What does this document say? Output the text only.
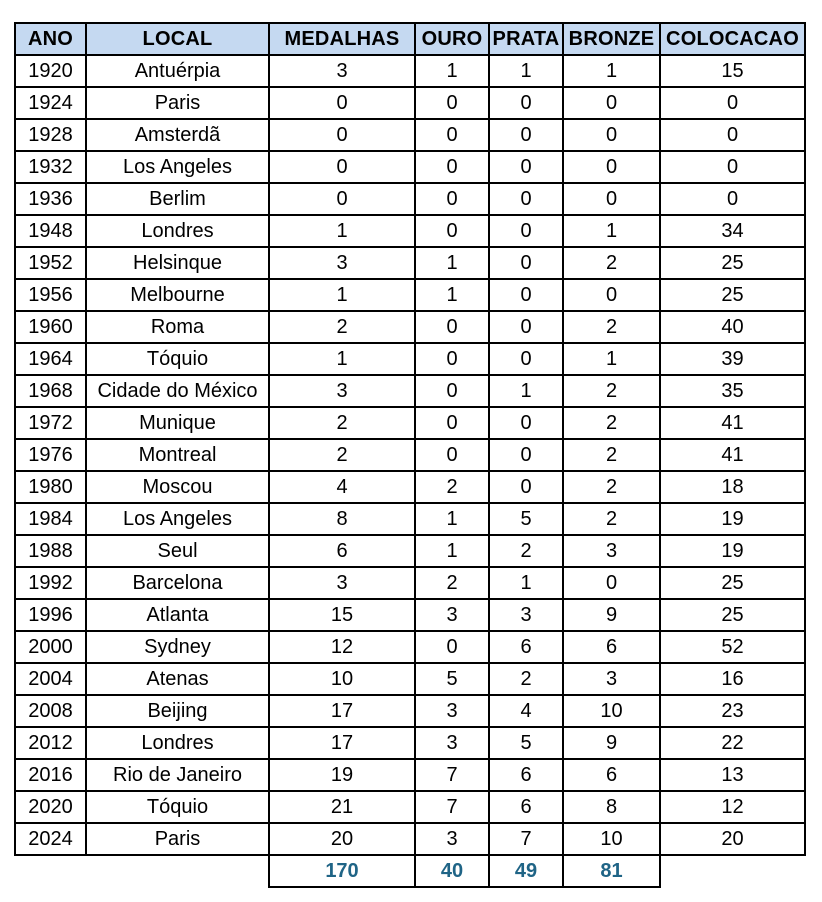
ANO	LOCAL	MEDALHAS	OURO	PRATA	BRONZE	COLOCACAO
1920	Antuérpia	3	1	1	1	15
1924	Paris	0	0	0	0	0
1928	Amsterdã	0	0	0	0	0
1932	Los Angeles	0	0	0	0	0
1936	Berlim	0	0	0	0	0
1948	Londres	1	0	0	1	34
1952	Helsinque	3	1	0	2	25
1956	Melbourne	1	1	0	0	25
1960	Roma	2	0	0	2	40
1964	Tóquio	1	0	0	1	39
1968	Cidade do México	3	0	1	2	35
1972	Munique	2	0	0	2	41
1976	Montreal	2	0	0	2	41
1980	Moscou	4	2	0	2	18
1984	Los Angeles	8	1	5	2	19
1988	Seul	6	1	2	3	19
1992	Barcelona	3	2	1	0	25
1996	Atlanta	15	3	3	9	25
2000	Sydney	12	0	6	6	52
2004	Atenas	10	5	2	3	16
2008	Beijing	17	3	4	10	23
2012	Londres	17	3	5	9	22
2016	Rio de Janeiro	19	7	6	6	13
2020	Tóquio	21	7	6	8	12
2024	Paris	20	3	7	10	20
		170	40	49	81	
